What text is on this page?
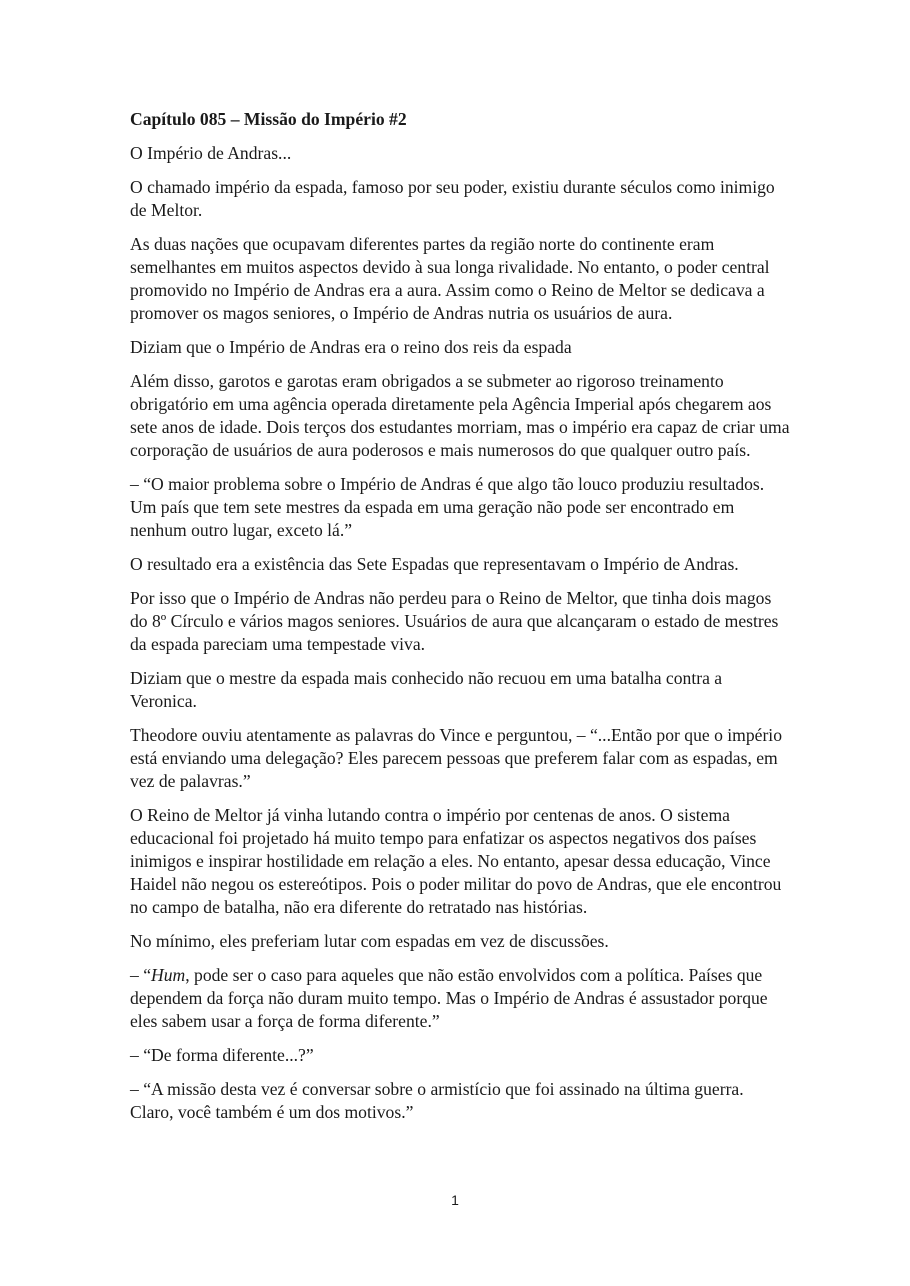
Capítulo 085 – Missão do Império #2

O Império de Andras...

O chamado império da espada, famoso por seu poder, existiu durante séculos como inimigo de Meltor.

As duas nações que ocupavam diferentes partes da região norte do continente eram semelhantes em muitos aspectos devido à sua longa rivalidade. No entanto, o poder central promovido no Império de Andras era a aura. Assim como o Reino de Meltor se dedicava a promover os magos seniores, o Império de Andras nutria os usuários de aura.

Diziam que o Império de Andras era o reino dos reis da espada

Além disso, garotos e garotas eram obrigados a se submeter ao rigoroso treinamento obrigatório em uma agência operada diretamente pela Agência Imperial após chegarem aos sete anos de idade. Dois terços dos estudantes morriam, mas o império era capaz de criar uma corporação de usuários de aura poderosos e mais numerosos do que qualquer outro país.

– “O maior problema sobre o Império de Andras é que algo tão louco produziu resultados. Um país que tem sete mestres da espada em uma geração não pode ser encontrado em nenhum outro lugar, exceto lá.”

O resultado era a existência das Sete Espadas que representavam o Império de Andras.

Por isso que o Império de Andras não perdeu para o Reino de Meltor, que tinha dois magos do 8º Círculo e vários magos seniores. Usuários de aura que alcançaram o estado de mestres da espada pareciam uma tempestade viva.

Diziam que o mestre da espada mais conhecido não recuou em uma batalha contra a Veronica.

Theodore ouviu atentamente as palavras do Vince e perguntou, – “...Então por que o império está enviando uma delegação? Eles parecem pessoas que preferem falar com as espadas, em vez de palavras.”

O Reino de Meltor já vinha lutando contra o império por centenas de anos. O sistema educacional foi projetado há muito tempo para enfatizar os aspectos negativos dos países inimigos e inspirar hostilidade em relação a eles. No entanto, apesar dessa educação, Vince Haidel não negou os estereótipos. Pois o poder militar do povo de Andras, que ele encontrou no campo de batalha, não era diferente do retratado nas histórias.

No mínimo, eles preferiam lutar com espadas em vez de discussões.

– “Hum, pode ser o caso para aqueles que não estão envolvidos com a política. Países que dependem da força não duram muito tempo. Mas o Império de Andras é assustador porque eles sabem usar a força de forma diferente.”

– “De forma diferente...?”

– “A missão desta vez é conversar sobre o armistício que foi assinado na última guerra. Claro, você também é um dos motivos.”

1
